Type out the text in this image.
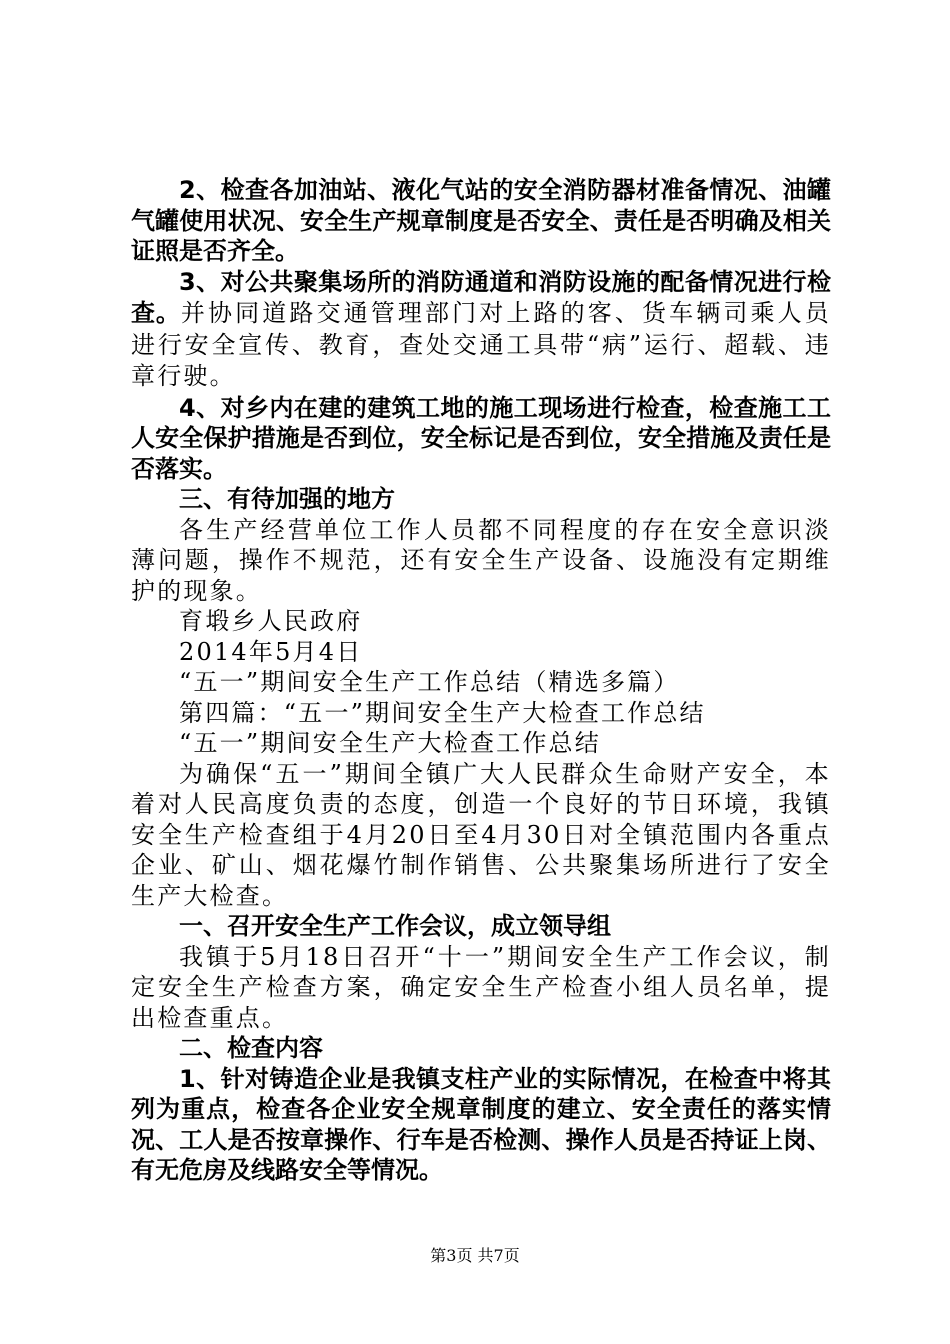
2、检查各加油站、液化气站的安全消防器材准备情况、油罐气罐使用状况、安全生产规章制度是否安全、责任是否明确及相关证照是否齐全。

3、对公共聚集场所的消防通道和消防设施的配备情况进行检查。并协同道路交通管理部门对上路的客、货车辆司乘人员进行安全宣传、教育，查处交通工具带“病”运行、超载、违章行驶。

4、对乡内在建的建筑工地的施工现场进行检查，检查施工工人安全保护措施是否到位，安全标记是否到位，安全措施及责任是否落实。

三、有待加强的地方

各生产经营单位工作人员都不同程度的存在安全意识淡薄问题，操作不规范，还有安全生产设备、设施没有定期维护的现象。

育塅乡人民政府

2014年5月4日

“五一”期间安全生产工作总结（精选多篇）

第四篇：“五一”期间安全生产大检查工作总结

“五一”期间安全生产大检查工作总结

为确保“五一”期间全镇广大人民群众生命财产安全，本着对人民高度负责的态度，创造一个良好的节日环境，我镇安全生产检查组于4月20日至4月30日对全镇范围内各重点企业、矿山、烟花爆竹制作销售、公共聚集场所进行了安全生产大检查。

一、召开安全生产工作会议，成立领导组

我镇于5月18日召开“十一”期间安全生产工作会议，制定安全生产检查方案，确定安全生产检查小组人员名单，提出检查重点。

二、检查内容

1、针对铸造企业是我镇支柱产业的实际情况，在检查中将其列为重点，检查各企业安全规章制度的建立、安全责任的落实情况、工人是否按章操作、行车是否检测、操作人员是否持证上岗、有无危房及线路安全等情况。

第3页 共7页
